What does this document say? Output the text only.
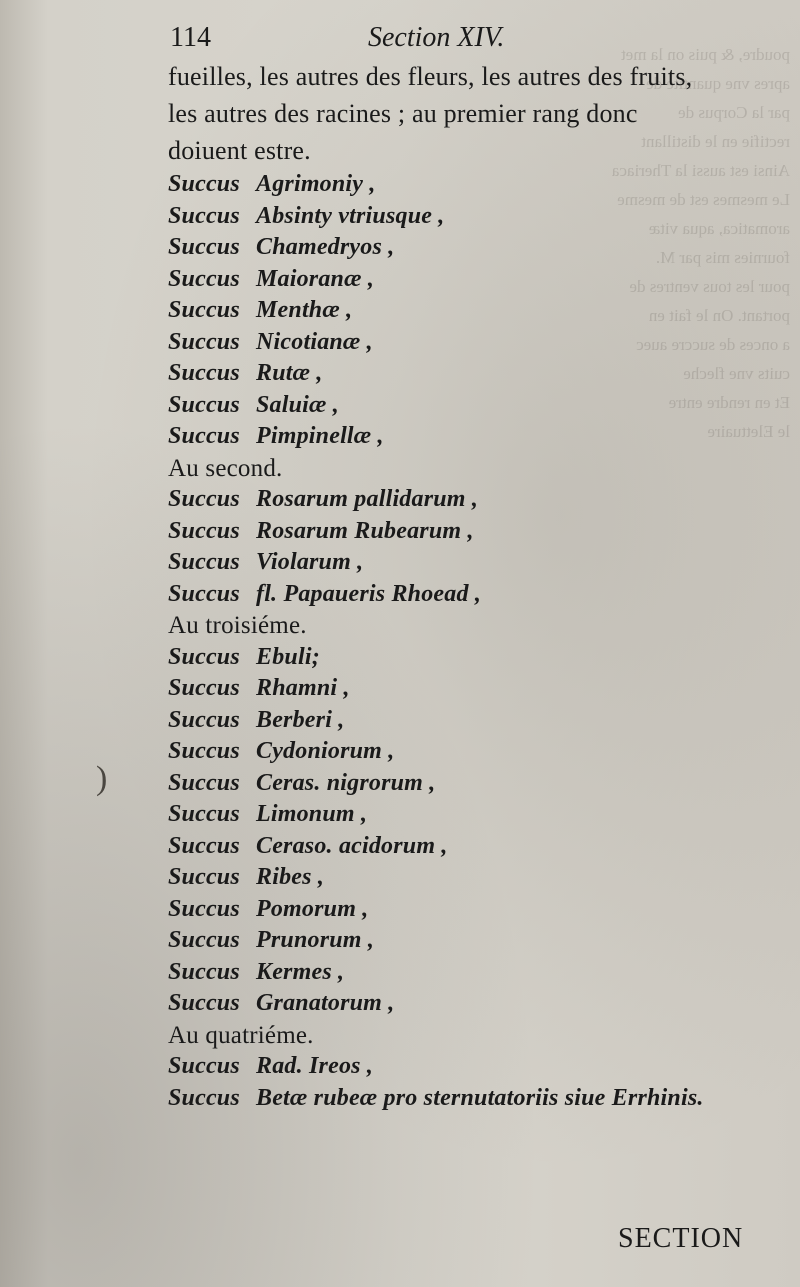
poudre, & puis on la met
apres vne quantite de
par la Corpus de
rectifie en le distillant
Ainsi est aussi la Theriaca
Le mesmes est de mesme
aromatica, aqua vitæ
fournies mis par M.
pour les tous ventres de
portant. On le fait en
a onces de succre auec
cuits vne fleche
Et en rendre entre
le Elettuaire
114	Section XIV.
)
fueilles, les autres des fleurs, les autres des fruits,
les autres des racines ; au premier rang donc
doiuent estre.
Succus Agrimoniy ,
Succus Absinty vtriusque ,
Succus Chamedryos ,
Succus Maioranæ ,
Succus Menthæ ,
Succus Nicotianæ ,
Succus Rutæ ,
Succus Saluiæ ,
Succus Pimpinellæ ,
Au second.
Succus Rosarum pallidarum ,
Succus Rosarum Rubearum ,
Succus Violarum ,
Succus fl. Papaueris Rhoead ,
Au troisiéme.
Succus Ebuli;
Succus Rhamni ,
Succus Berberi ,
Succus Cydoniorum ,
Succus Ceras. nigrorum ,
Succus Limonum ,
Succus Ceraso. acidorum ,
Succus Ribes ,
Succus Pomorum ,
Succus Prunorum ,
Succus Kermes ,
Succus Granatorum ,
Au quatriéme.
Succus Rad. Ireos ,
Succus Betæ rubeæ pro sternutatoriis siue Errhinis.
SECTION
